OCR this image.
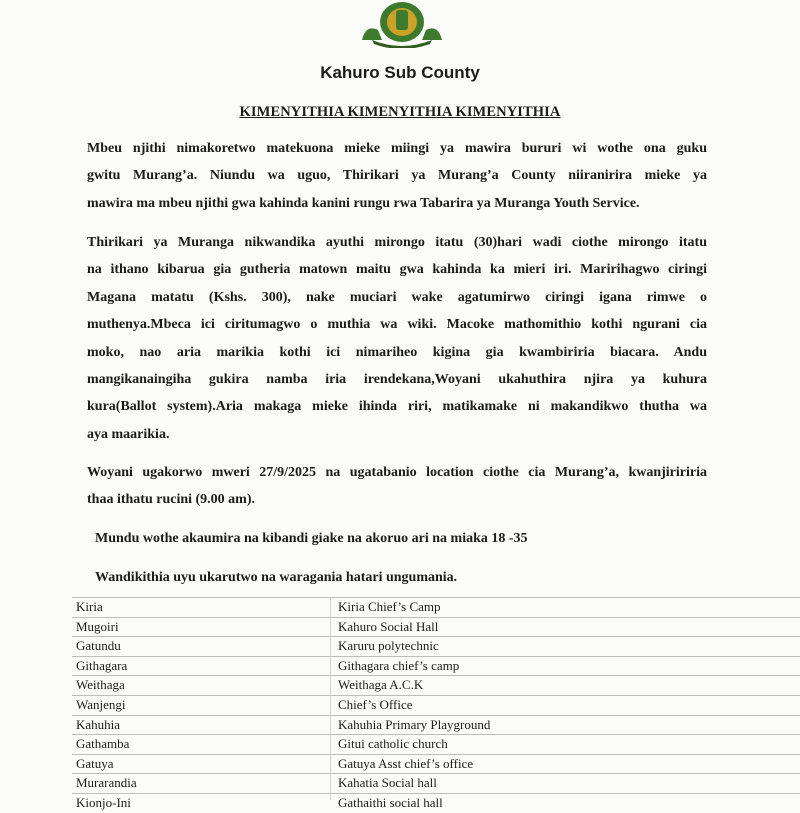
Kahuro Sub County
KIMENYITHIA KIMENYITHIA KIMENYITHIA
Mbeu njithi nimakoretwo matekuona mieke miingi ya mawira bururi wi wothe ona guku
gwitu Murang’a. Niundu wa uguo, Thirikari ya Murang’a County niiranirira mieke ya
mawira ma mbeu njithi gwa kahinda kanini rungu rwa Tabarira ya Muranga Youth Service.
Thirikari ya Muranga nikwandika ayuthi mirongo itatu (30)hari wadi ciothe mirongo itatu
na ithano kibarua gia gutheria matown maitu gwa kahinda ka mieri iri. Maririhagwo ciringi
Magana matatu (Kshs. 300), nake muciari wake agatumirwo ciringi igana rimwe o
muthenya.Mbeca ici ciritumagwo o muthia wa wiki. Macoke mathomithio kothi ngurani cia
moko, nao aria marikia kothi ici nimariheo kigina gia kwambiriria biacara. Andu
mangikanaingiha gukira namba iria irendekana,Woyani ukahuthira njira ya kuhura
kura(Ballot system).Aria makaga mieke ihinda riri, matikamake ni makandikwo thutha wa
aya maarikia.
Woyani ugakorwo mweri 27/9/2025 na ugatabanio location ciothe cia Murang’a, kwanjiririria
thaa ithatu rucini (9.00 am).
Mundu wothe akaumira na kibandi giake na akoruo ari na miaka 18 -35
Wandikithia uyu ukarutwo na waragania hatari ungumania.
Kiria	Kiria Chief’s Camp
Mugoiri	Kahuro Social Hall
Gatundu	Karuru polytechnic
Githagara	Githagara chief’s camp
Weithaga	Weithaga A.C.K
Wanjengi	Chief’s Office
Kahuhia	Kahuhia Primary Playground
Gathamba	Gitui catholic church
Gatuya	Gatuya Asst chief’s office
Murarandia	Kahatia Social hall
Kionjo-Ini	Gathaithi social hall
